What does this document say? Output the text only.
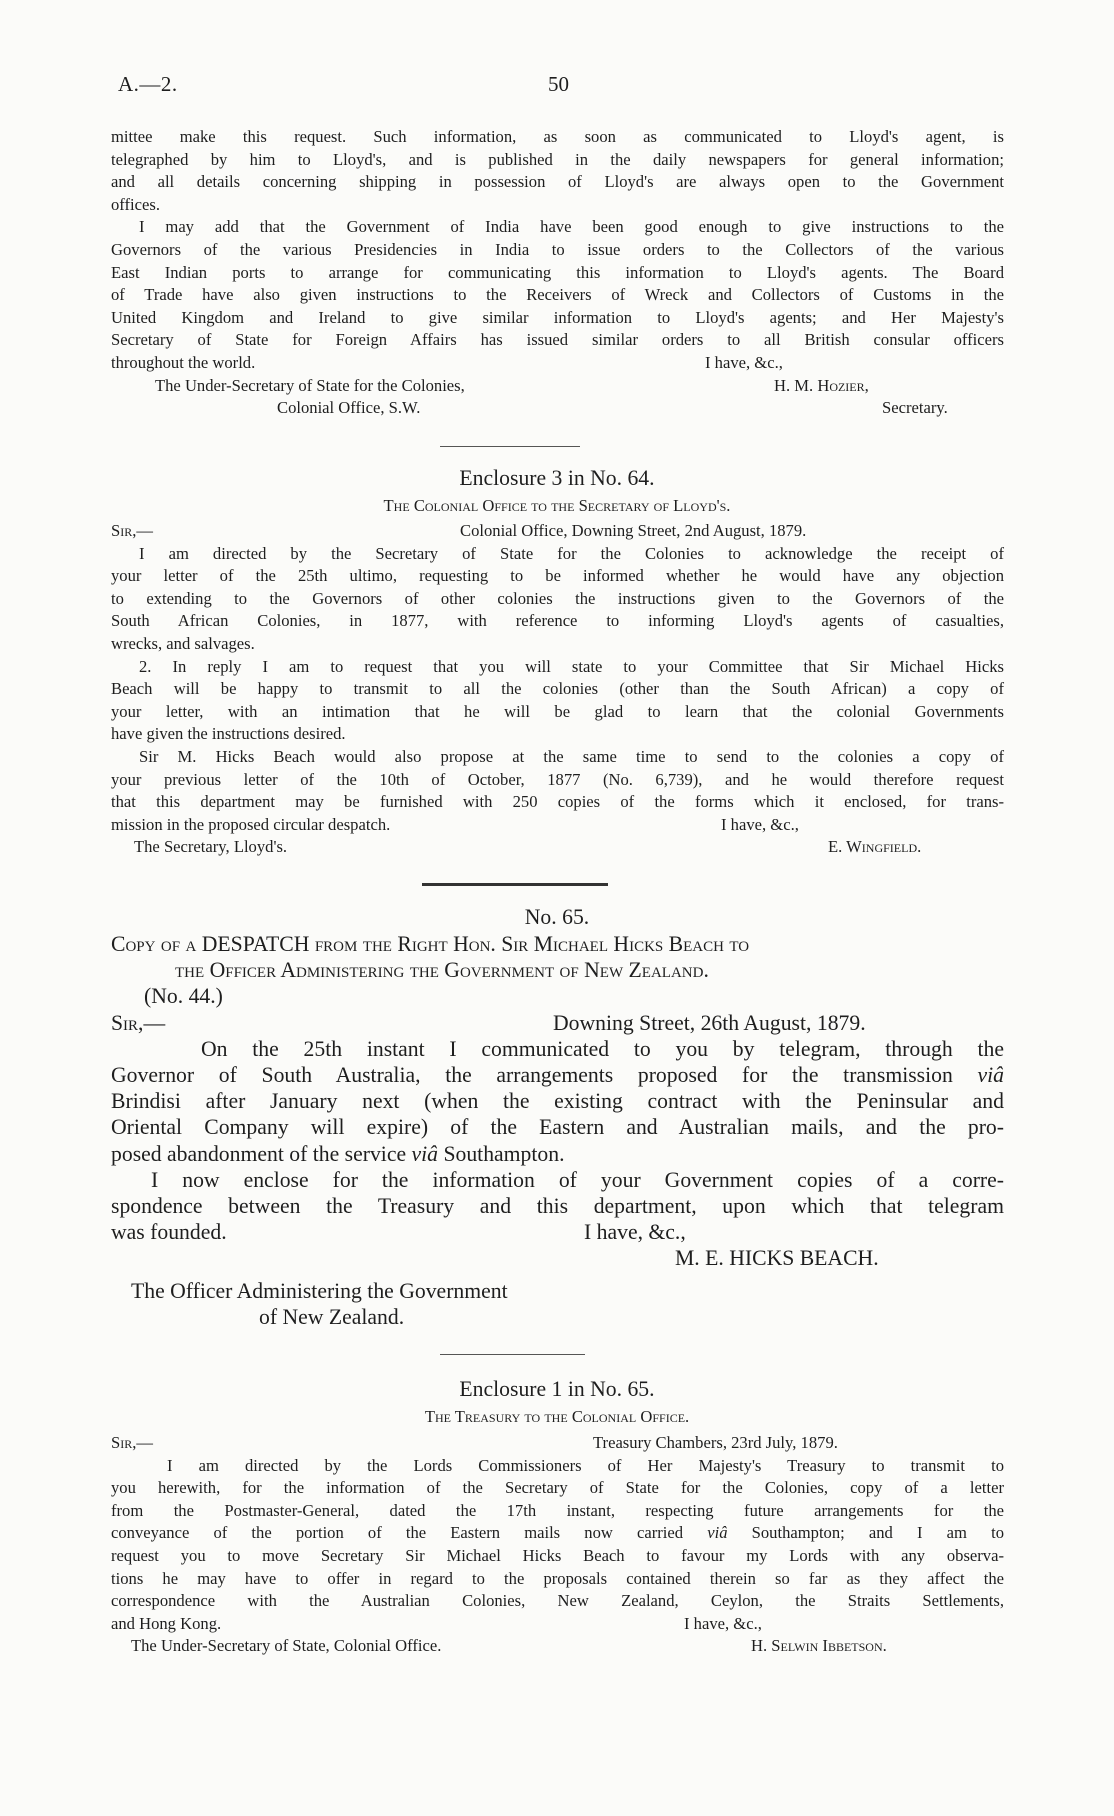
A.—2.	50
mittee make this request. Such information, as soon as communicated to Lloyd's agent, is
telegraphed by him to Lloyd's, and is published in the daily newspapers for general information;
and all details concerning shipping in possession of Lloyd's are always open to the Government
offices.
I may add that the Government of India have been good enough to give instructions to the
Governors of the various Presidencies in India to issue orders to the Collectors of the various
East Indian ports to arrange for communicating this information to Lloyd's agents. The Board
of Trade have also given instructions to the Receivers of Wreck and Collectors of Customs in the
United Kingdom and Ireland to give similar information to Lloyd's agents; and Her Majesty's
Secretary of State for Foreign Affairs has issued similar orders to all British consular officers
throughout the world.	I have, &c.,
The Under-Secretary of State for the Colonies,	H. M. Hozier,
Colonial Office, S.W.	Secretary.
Enclosure 3 in No. 64.
The Colonial Office to the Secretary of Lloyd's.
Sir,—	Colonial Office, Downing Street, 2nd August, 1879.
I am directed by the Secretary of State for the Colonies to acknowledge the receipt of
your letter of the 25th ultimo, requesting to be informed whether he would have any objection
to extending to the Governors of other colonies the instructions given to the Governors of the
South African Colonies, in 1877, with reference to informing Lloyd's agents of casualties,
wrecks, and salvages.
2. In reply I am to request that you will state to your Committee that Sir Michael Hicks
Beach will be happy to transmit to all the colonies (other than the South African) a copy of
your letter, with an intimation that he will be glad to learn that the colonial Governments
have given the instructions desired.
Sir M. Hicks Beach would also propose at the same time to send to the colonies a copy of
your previous letter of the 10th of October, 1877 (No. 6,739), and he would therefore request
that this department may be furnished with 250 copies of the forms which it enclosed, for trans-
mission in the proposed circular despatch.	I have, &c.,
The Secretary, Lloyd's.	E. Wingfield.
No. 65.
Copy of a DESPATCH from the Right Hon. Sir Michael Hicks Beach to
the Officer Administering the Government of New Zealand.
(No. 44.)
Sir,—	Downing Street, 26th August, 1879.
On the 25th instant I communicated to you by telegram, through the
Governor of South Australia, the arrangements proposed for the transmission viâ
Brindisi after January next (when the existing contract with the Peninsular and
Oriental Company will expire) of the Eastern and Australian mails, and the pro-
posed abandonment of the service viâ Southampton.
I now enclose for the information of your Government copies of a corre-
spondence between the Treasury and this department, upon which that telegram
was founded.	I have, &c.,
M. E. HICKS BEACH.
The Officer Administering the Government
of New Zealand.
Enclosure 1 in No. 65.
The Treasury to the Colonial Office.
Sir,—	Treasury Chambers, 23rd July, 1879.
I am directed by the Lords Commissioners of Her Majesty's Treasury to transmit to
you herewith, for the information of the Secretary of State for the Colonies, copy of a letter
from the Postmaster-General, dated the 17th instant, respecting future arrangements for the
conveyance of the portion of the Eastern mails now carried viâ Southampton; and I am to
request you to move Secretary Sir Michael Hicks Beach to favour my Lords with any observa-
tions he may have to offer in regard to the proposals contained therein so far as they affect the
correspondence with the Australian Colonies, New Zealand, Ceylon, the Straits Settlements,
and Hong Kong.	I have, &c.,
The Under-Secretary of State, Colonial Office.	H. Selwin Ibbetson.
